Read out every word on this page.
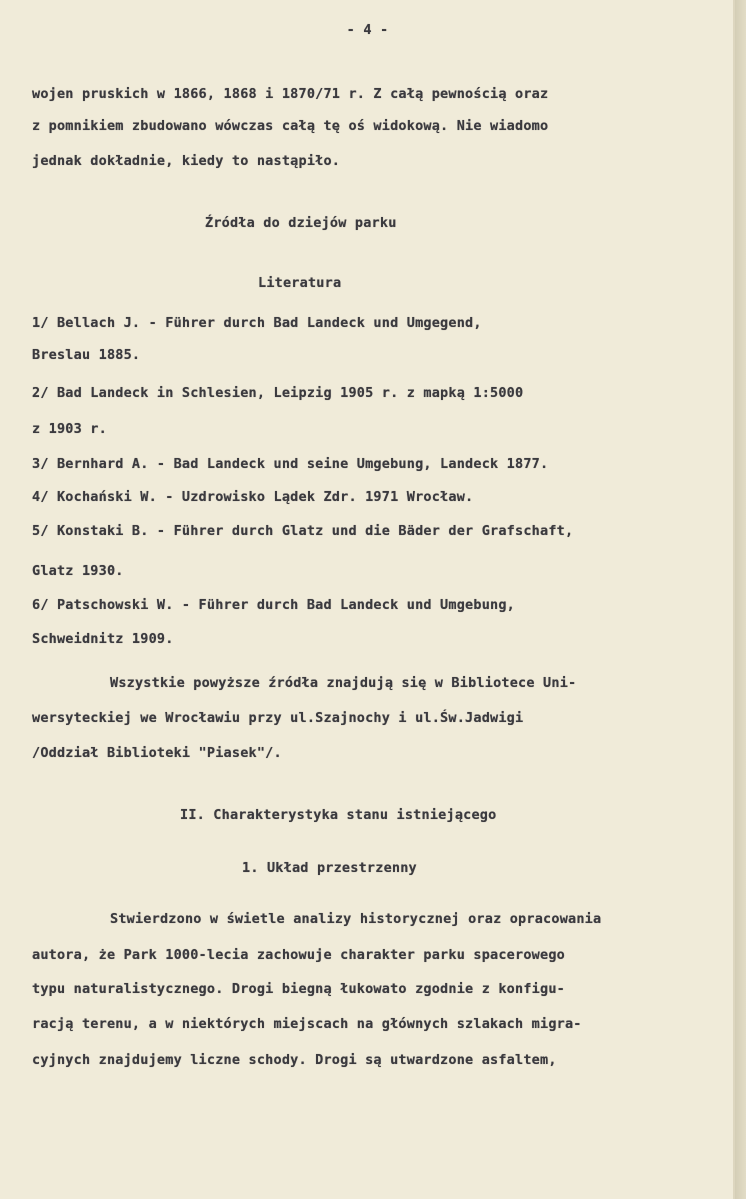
- 4 -
wojen pruskich w 1866, 1868 i 1870/71 r. Z całą pewnością oraz
z pomnikiem zbudowano wówczas całą tę oś widokową. Nie wiadomo
jednak dokładnie, kiedy to nastąpiło.
Źródła do dziejów parku
Literatura
1/ Bellach J. - Führer durch Bad Landeck und Umgegend,
Breslau 1885.
2/ Bad Landeck in Schlesien, Leipzig 1905 r. z mapką 1:5000
z 1903 r.
3/ Bernhard A. - Bad Landeck und seine Umgebung, Landeck 1877.
4/ Kochański W. - Uzdrowisko Lądek Zdr. 1971 Wrocław.
5/ Konstaki B. - Führer durch Glatz und die Bäder der Grafschaft,
Glatz 1930.
6/ Patschowski W. - Führer durch Bad Landeck und Umgebung,
Schweidnitz 1909.
Wszystkie powyższe źródła znajdują się w Bibliotece Uni-
wersyteckiej we Wrocławiu przy ul.Szajnochy i ul.Św.Jadwigi
/Oddział Biblioteki "Piasek"/.
II. Charakterystyka stanu istniejącego
1. Układ przestrzenny
Stwierdzono w świetle analizy historycznej oraz opracowania
autora, że Park 1000-lecia zachowuje charakter parku spacerowego
typu naturalistycznego. Drogi biegną łukowato zgodnie z konfigu-
racją terenu, a w niektórych miejscach na głównych szlakach migra-
cyjnych znajdujemy liczne schody. Drogi są utwardzone asfaltem,
